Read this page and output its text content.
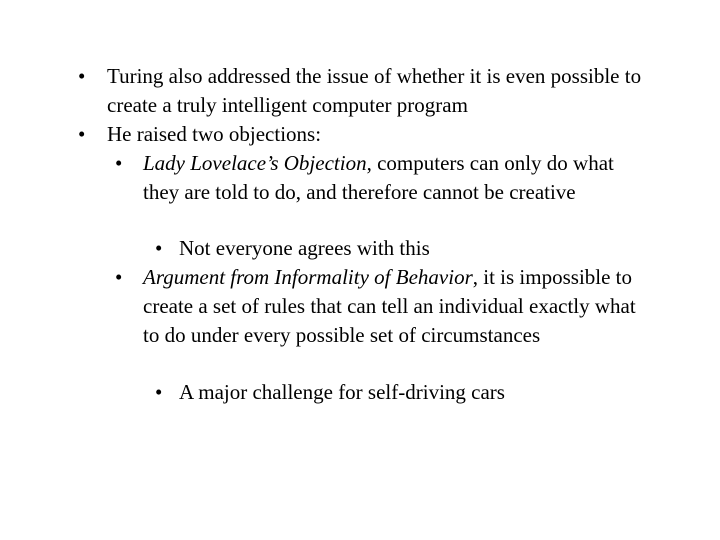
• Turing also addressed the issue of whether it is even possible to create a truly intelligent computer program
• He raised two objections:
• Lady Lovelace’s Objection, computers can only do what they are told to do, and therefore cannot be creative
• Not everyone agrees with this
• Argument from Informality of Behavior, it is impossible to create a set of rules that can tell an individual exactly what to do under every possible set of circumstances
• A major challenge for self-driving cars
